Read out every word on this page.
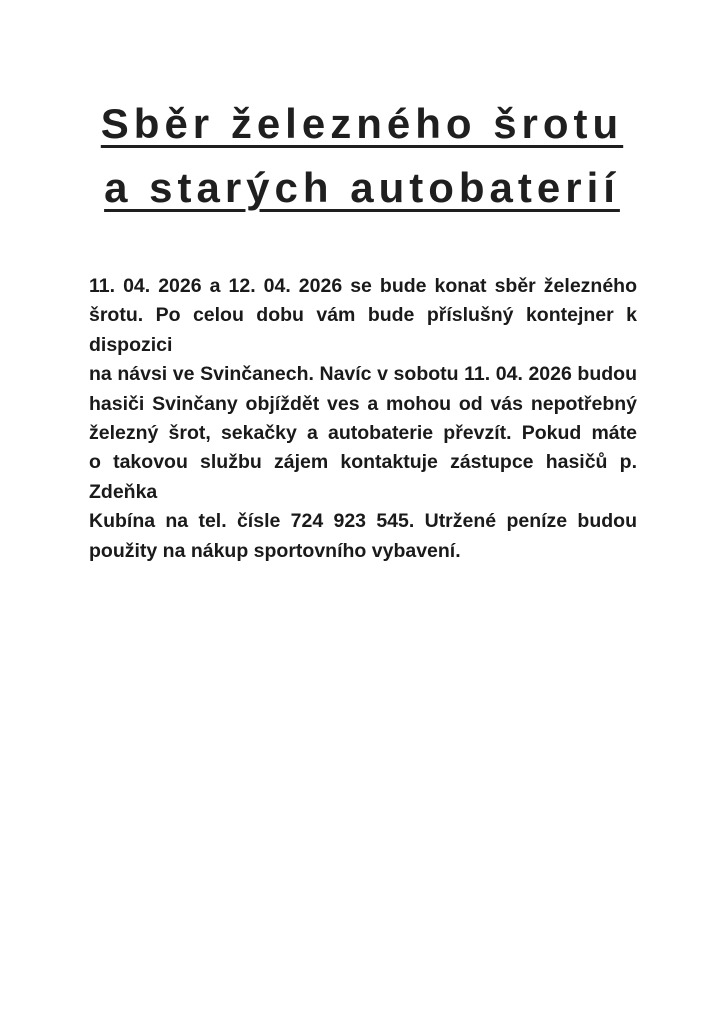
Sběr železného šrotu
a starých autobaterií
11. 04. 2026 a 12. 04. 2026 se bude konat sběr železného
šrotu. Po celou dobu vám bude příslušný kontejner k dispozici
na návsi ve Svinčanech. Navíc v sobotu 11. 04. 2026 budou
hasiči Svinčany objíždět ves a mohou od vás nepotřebný
železný šrot, sekačky a autobaterie převzít. Pokud máte
o takovou službu zájem kontaktuje zástupce hasičů p. Zdeňka
Kubína na tel. čísle 724 923 545. Utržené peníze budou
použity na nákup sportovního vybavení.
